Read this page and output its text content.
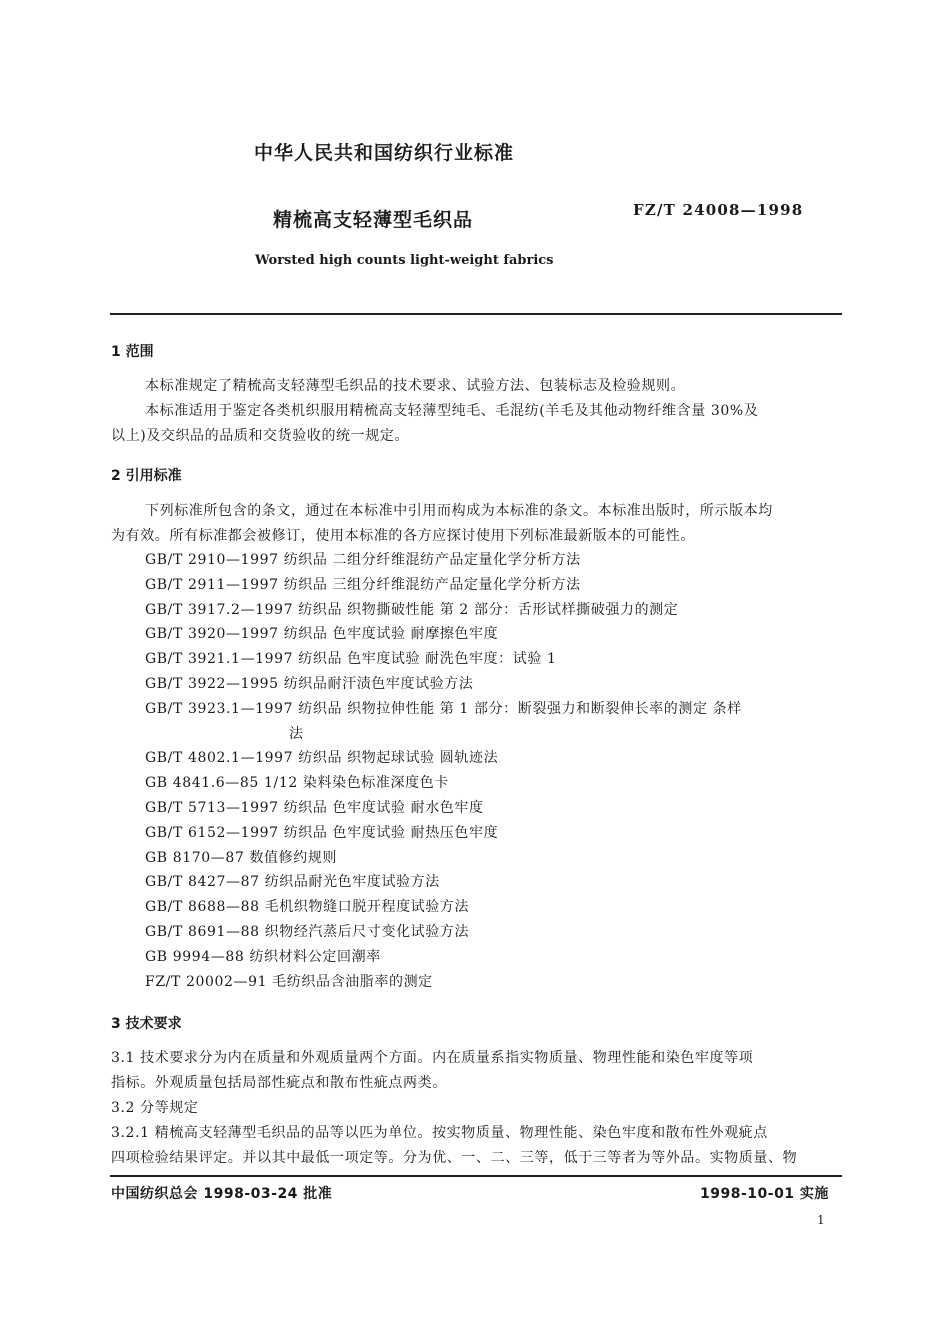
中华人民共和国纺织行业标准
精梳高支轻薄型毛织品	FZ/T 24008—1998
Worsted high counts light-weight fabrics
1 范围
本标准规定了精梳高支轻薄型毛织品的技术要求、试验方法、包装标志及检验规则。
本标准适用于鉴定各类机织服用精梳高支轻薄型纯毛、毛混纺(羊毛及其他动物纤维含量 30%及
以上)及交织品的品质和交货验收的统一规定。
2 引用标准
下列标准所包含的条文，通过在本标准中引用而构成为本标准的条文。本标准出版时，所示版本均
为有效。所有标准都会被修订，使用本标准的各方应探讨使用下列标准最新版本的可能性。
GB/T 2910—1997 纺织品 二组分纤维混纺产品定量化学分析方法
GB/T 2911—1997 纺织品 三组分纤维混纺产品定量化学分析方法
GB/T 3917.2—1997 纺织品 织物撕破性能 第 2 部分：舌形试样撕破强力的测定
GB/T 3920—1997 纺织品 色牢度试验 耐摩擦色牢度
GB/T 3921.1—1997 纺织品 色牢度试验 耐洗色牢度：试验 1
GB/T 3922—1995 纺织品耐汗渍色牢度试验方法
GB/T 3923.1—1997 纺织品 织物拉伸性能 第 1 部分：断裂强力和断裂伸长率的测定 条样
法
GB/T 4802.1—1997 纺织品 织物起球试验 圆轨迹法
GB 4841.6—85 1/12 染料染色标准深度色卡
GB/T 5713—1997 纺织品 色牢度试验 耐水色牢度
GB/T 6152—1997 纺织品 色牢度试验 耐热压色牢度
GB 8170—87 数值修约规则
GB/T 8427—87 纺织品耐光色牢度试验方法
GB/T 8688—88 毛机织物缝口脱开程度试验方法
GB/T 8691—88 织物经汽蒸后尺寸变化试验方法
GB 9994—88 纺织材料公定回潮率
FZ/T 20002—91 毛纺织品含油脂率的测定
3 技术要求
3.1 技术要求分为内在质量和外观质量两个方面。内在质量系指实物质量、物理性能和染色牢度等项
指标。外观质量包括局部性疵点和散布性疵点两类。
3.2 分等规定
3.2.1 精梳高支轻薄型毛织品的品等以匹为单位。按实物质量、物理性能、染色牢度和散布性外观疵点
四项检验结果评定。并以其中最低一项定等。分为优、一、二、三等，低于三等者为等外品。实物质量、物
中国纺织总会 1998-03-24 批准	1998-10-01 实施
1
